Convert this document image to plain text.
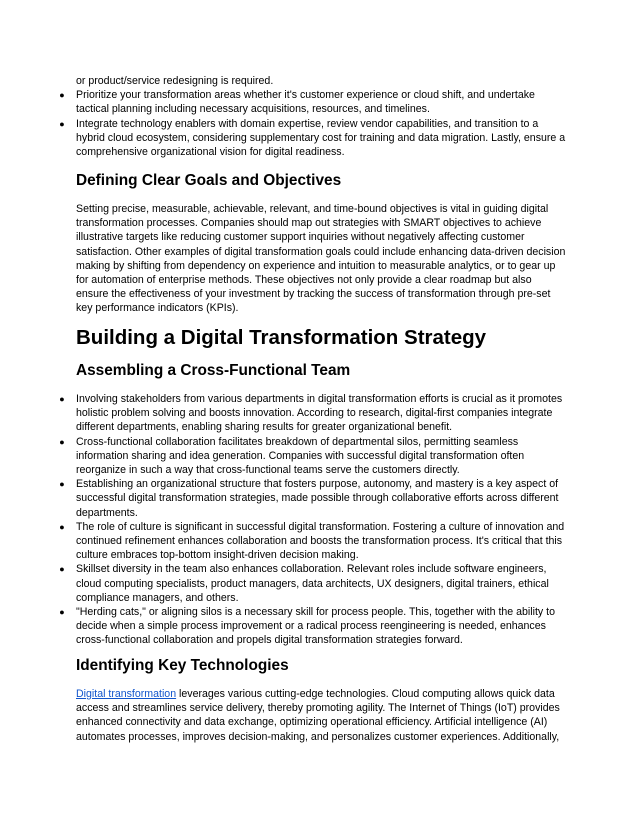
or product/service redesigning is required.

● Prioritize your transformation areas whether it's customer experience or cloud shift, and undertake tactical planning including necessary acquisitions, resources, and timelines.
● Integrate technology enablers with domain expertise, review vendor capabilities, and transition to a hybrid cloud ecosystem, considering supplementary cost for training and data migration. Lastly, ensure a comprehensive organizational vision for digital readiness.
Defining Clear Goals and Objectives

Setting precise, measurable, achievable, relevant, and time-bound objectives is vital in guiding digital transformation processes. Companies should map out strategies with SMART objectives to achieve illustrative targets like reducing customer support inquiries without negatively affecting customer satisfaction. Other examples of digital transformation goals could include enhancing data-driven decision making by shifting from dependency on experience and intuition to measurable analytics, or to gear up for automation of enterprise methods. These objectives not only provide a clear roadmap but also ensure the effectiveness of your investment by tracking the success of transformation through pre-set key performance indicators (KPIs).

Building a Digital Transformation Strategy
Assembling a Cross-Functional Team
● Involving stakeholders from various departments in digital transformation efforts is crucial as it promotes holistic problem solving and boosts innovation. According to research, digital-first companies integrate different departments, enabling sharing results for greater organizational benefit.
● Cross-functional collaboration facilitates breakdown of departmental silos, permitting seamless information sharing and idea generation. Companies with successful digital transformation often reorganize in such a way that cross-functional teams serve the customers directly.
● Establishing an organizational structure that fosters purpose, autonomy, and mastery is a key aspect of successful digital transformation strategies, made possible through collaborative efforts across different departments.
● The role of culture is significant in successful digital transformation. Fostering a culture of innovation and continued refinement enhances collaboration and boosts the transformation process. It's critical that this culture embraces top-bottom insight-driven decision making.
● Skillset diversity in the team also enhances collaboration. Relevant roles include software engineers, cloud computing specialists, product managers, data architects, UX designers, digital trainers, ethical compliance managers, and others.
● "Herding cats," or aligning silos is a necessary skill for process people. This, together with the ability to decide when a simple process improvement or a radical process reengineering is needed, enhances cross-functional collaboration and propels digital transformation strategies forward.
Identifying Key Technologies

Digital transformation leverages various cutting-edge technologies. Cloud computing allows quick data access and streamlines service delivery, thereby promoting agility. The Internet of Things (IoT) provides enhanced connectivity and data exchange, optimizing operational efficiency. Artificial intelligence (AI) automates processes, improves decision-making, and personalizes customer experiences. Additionally,
